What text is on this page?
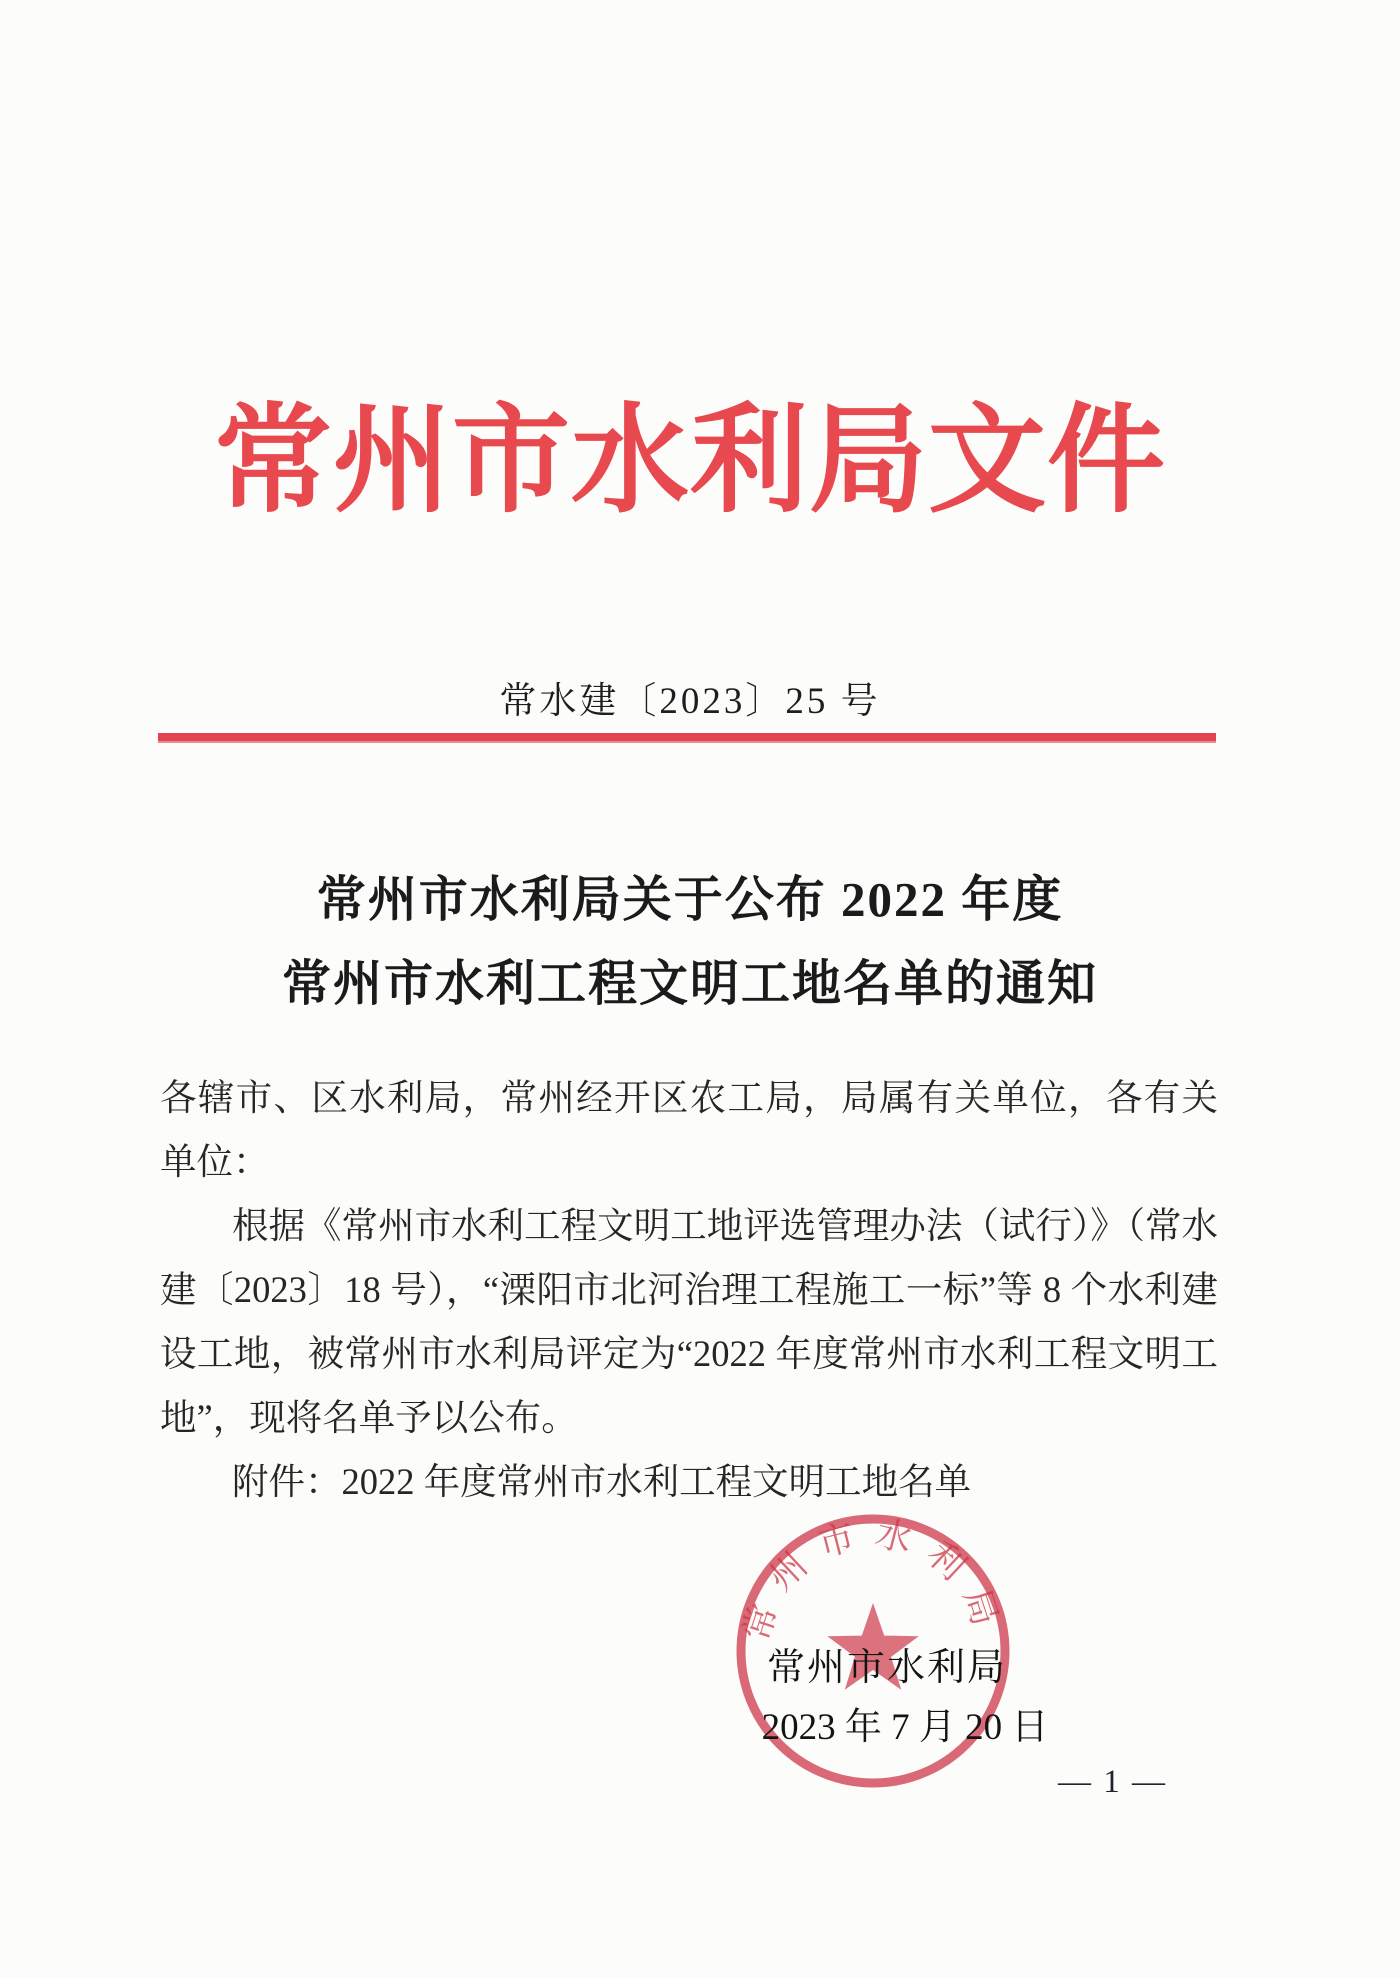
常州市水利局文件
常水建〔2023〕25 号
常州市水利局关于公布 2022 年度
常州市水利工程文明工地名单的通知

各辖市、区水利局，常州经开区农工局，局属有关单位，各有关单位：

根据《常州市水利工程文明工地评选管理办法（试行）》（常水建〔2023〕18 号），“溧阳市北河治理工程施工一标”等 8 个水利建设工地，被常州市水利局评定为“2022 年度常州市水利工程文明工地”，现将名单予以公布。

附件：2022 年度常州市水利工程文明工地名单

常州市水利局
常州市水利局
2023 年 7 月 20 日
— 1 —
